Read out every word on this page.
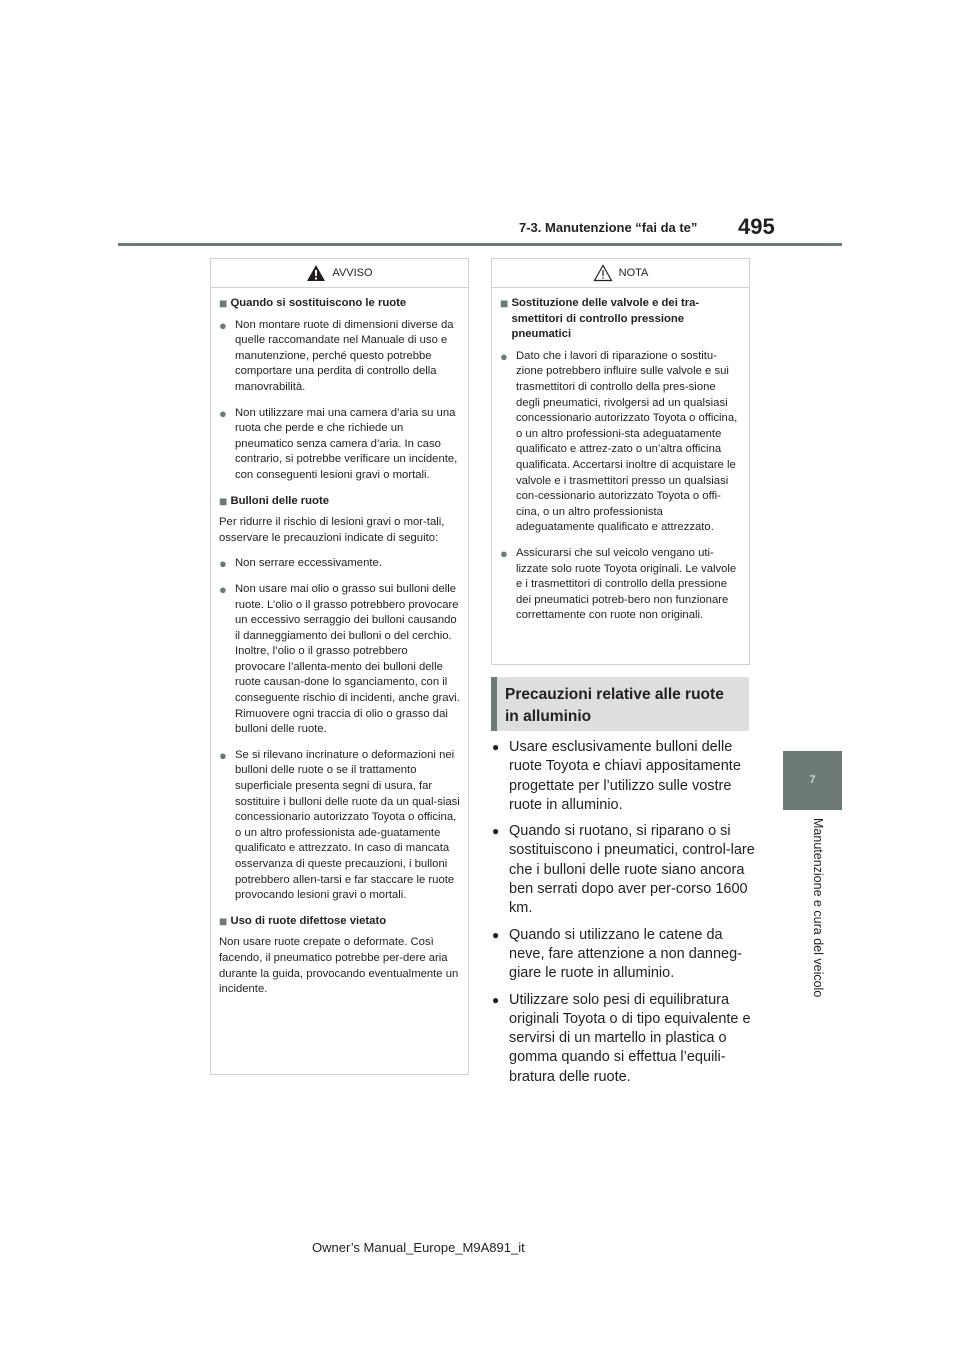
495
7-3. Manutenzione “fai da te”
7
Manutenzione e cura del veicolo
AVVISO
■ Quando si sostituiscono le ruote
● Non montare ruote di dimensioni diverse da quelle raccomandate nel Manuale di uso e manutenzione, perché questo potrebbe comportare una perdita di controllo della manovrabilità.
● Non utilizzare mai una camera d’aria su una ruota che perde e che richiede un pneumatico senza camera d’aria. In caso contrario, si potrebbe verificare un incidente, con conseguenti lesioni gravi o mortali.
■ Bulloni delle ruote
Per ridurre il rischio di lesioni gravi o mor-tali, osservare le precauzioni indicate di seguito:
● Non serrare eccessivamente.
● Non usare mai olio o grasso sui bulloni delle ruote. L’olio o il grasso potrebbero provocare un eccessivo serraggio dei bulloni causando il danneggiamento dei bulloni o del cerchio. Inoltre, l’olio o il grasso potrebbero provocare l’allenta-mento dei bulloni delle ruote causan-done lo sganciamento, con il conseguente rischio di incidenti, anche gravi. Rimuovere ogni traccia di olio o grasso dai bulloni delle ruote.
● Se si rilevano incrinature o deformazioni nei bulloni delle ruote o se il trattamento superficiale presenta segni di usura, far sostituire i bulloni delle ruote da un qual-siasi concessionario autorizzato Toyota o officina, o un altro professionista ade-guatamente qualificato e attrezzato. In caso di mancata osservanza di queste precauzioni, i bulloni potrebbero allen-tarsi e far staccare le ruote provocando lesioni gravi o mortali.
■ Uso di ruote difettose vietato
Non usare ruote crepate o deformate. Così facendo, il pneumatico potrebbe per-dere aria durante la guida, provocando eventualmente un incidente.
NOTA
■ Sostituzione delle valvole e dei tra-smettitori di controllo pressione pneumatici
● Dato che i lavori di riparazione o sostitu-zione potrebbero influire sulle valvole e sui trasmettitori di controllo della pres-sione degli pneumatici, rivolgersi ad un qualsiasi concessionario autorizzato Toyota o officina, o un altro professioni-sta adeguatamente qualificato e attrez-zato o un’altra officina qualificata. Accertarsi inoltre di acquistare le valvole e i trasmettitori presso un qualsiasi con-cessionario autorizzato Toyota o offi-cina, o un altro professionista adeguatamente qualificato e attrezzato.
● Assicurarsi che sul veicolo vengano uti-lizzate solo ruote Toyota originali. Le valvole e i trasmettitori di controllo della pressione dei pneumatici potreb-bero non funzionare correttamente con ruote non originali.
Precauzioni relative alle ruote in alluminio
● Usare esclusivamente bulloni delle ruote Toyota e chiavi appositamente progettate per l’utilizzo sulle vostre ruote in alluminio.
● Quando si ruotano, si riparano o si sostituiscono i pneumatici, control-lare che i bulloni delle ruote siano ancora ben serrati dopo aver per-corso 1600 km.
● Quando si utilizzano le catene da neve, fare attenzione a non danneg-giare le ruote in alluminio.
● Utilizzare solo pesi di equilibratura originali Toyota o di tipo equivalente e servirsi di un martello in plastica o gomma quando si effettua l’equili-bratura delle ruote.
Owner’s Manual_Europe_M9A891_it
